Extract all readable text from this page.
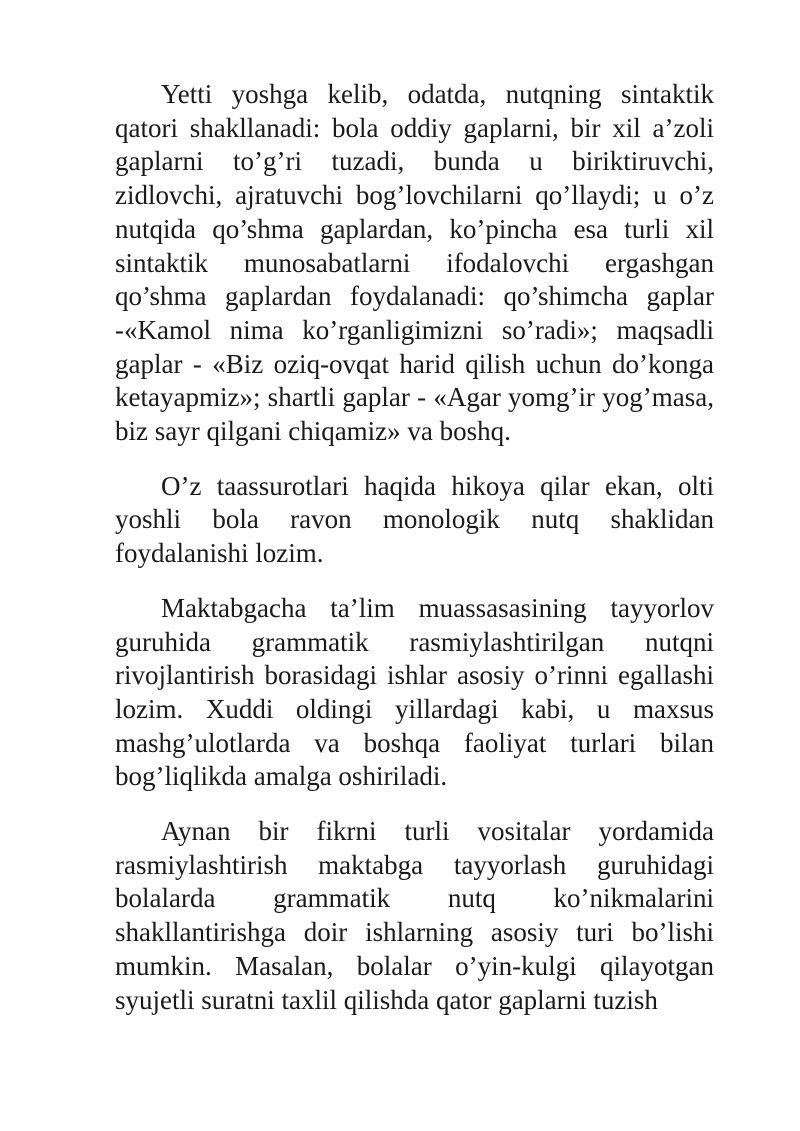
Yetti yoshga kelib, odatda, nutqning sintaktik qatori shakllanadi: bola oddiy gaplarni, bir xil a’zoli gaplarni to’g’ri tuzadi, bunda u biriktiruvchi, zidlovchi, ajratuvchi bog’lovchilarni qo’llaydi; u o’z nutqida qo’shma gaplardan, ko’pincha esa turli xil sintaktik munosabatlarni ifodalovchi ergashgan qo’shma gaplardan foydalanadi: qo’shimcha gaplar -«Kamol nima ko’rganligimizni so’radi»; maqsadli gaplar - «Biz oziq-ovqat harid qilish uchun do’konga ketayapmiz»; shartli gaplar - «Agar yomg’ir yog’masa, biz sayr qilgani chiqamiz» va boshq.

O’z taassurotlari haqida hikoya qilar ekan, olti yoshli bola ravon monologik nutq shaklidan foydalanishi lozim.

Maktabgacha ta’lim muassasasining tayyorlov guruhida grammatik rasmiylashtirilgan nutqni rivojlantirish borasidagi ishlar asosiy o’rinni egallashi lozim. Xuddi oldingi yillardagi kabi, u maxsus mashg’ulotlarda va boshqa faoliyat turlari bilan bog’liqlikda amalga oshiriladi.

Aynan bir fikrni turli vositalar yordamida rasmiylashtirish maktabga tayyorlash guruhidagi bolalarda grammatik nutq ko’nikmalarini shakllantirishga doir ishlarning asosiy turi bo’lishi mumkin. Masalan, bolalar o’yin-kulgi qilayotgan syujetli suratni taxlil qilishda qator gaplarni tuzish
